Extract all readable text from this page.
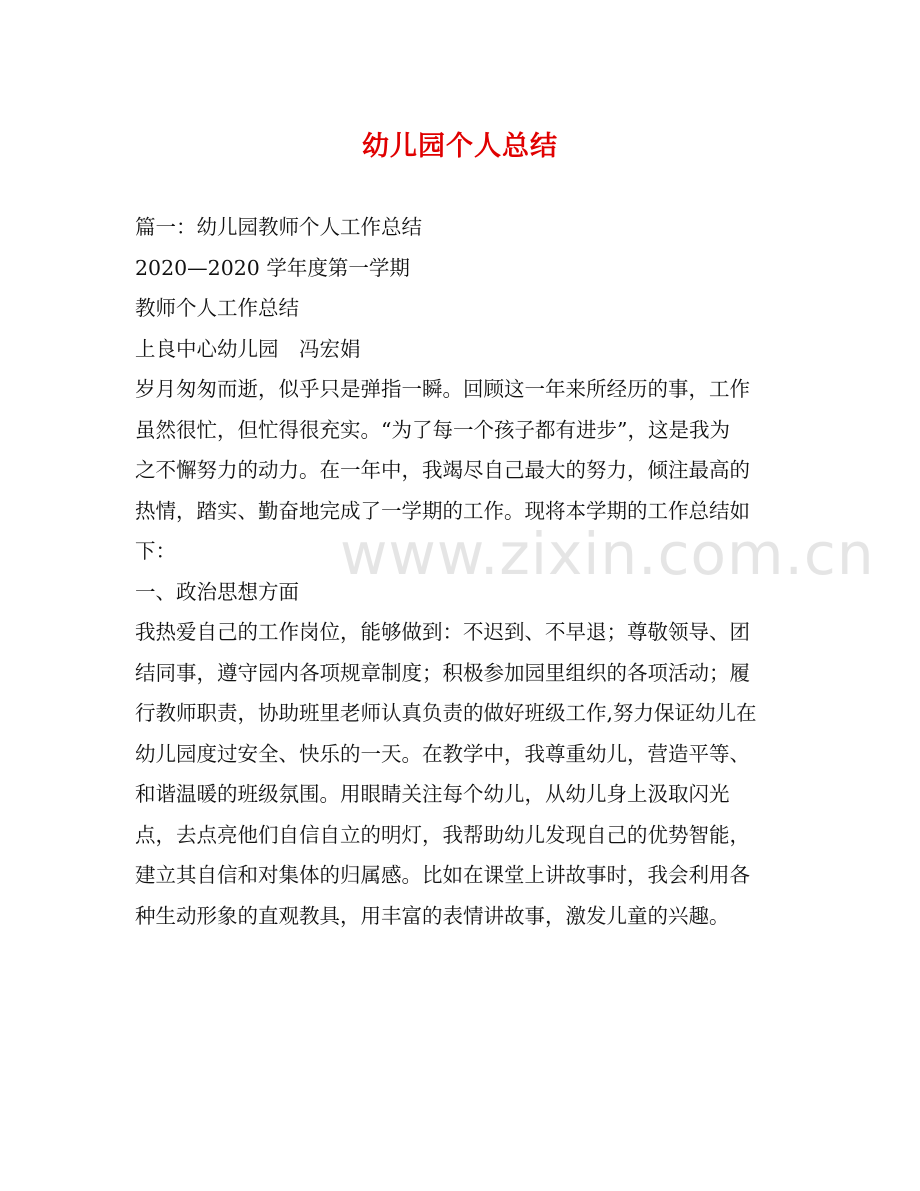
幼儿园个人总结
篇一：幼儿园教师个人工作总结
2020—2020 学年度第一学期
教师个人工作总结
上良中心幼儿园　冯宏娟
岁月匆匆而逝，似乎只是弹指一瞬。回顾这一年来所经历的事，工作
虽然很忙，但忙得很充实。“为了每一个孩子都有进步”，这是我为
之不懈努力的动力。在一年中，我竭尽自己最大的努力，倾注最高的
热情，踏实、勤奋地完成了一学期的工作。现将本学期的工作总结如
下：
一、政治思想方面
我热爱自己的工作岗位，能够做到：不迟到、不早退；尊敬领导、团
结同事，遵守园内各项规章制度；积极参加园里组织的各项活动；履
行教师职责，协助班里老师认真负责的做好班级工作,努力保证幼儿在
幼儿园度过安全、快乐的一天。在教学中，我尊重幼儿，营造平等、
和谐温暖的班级氛围。用眼睛关注每个幼儿，从幼儿身上汲取闪光
点，去点亮他们自信自立的明灯，我帮助幼儿发现自己的优势智能，
建立其自信和对集体的归属感。比如在课堂上讲故事时，我会利用各
种生动形象的直观教具，用丰富的表情讲故事，激发儿童的兴趣。
www.zixin.com.cn
